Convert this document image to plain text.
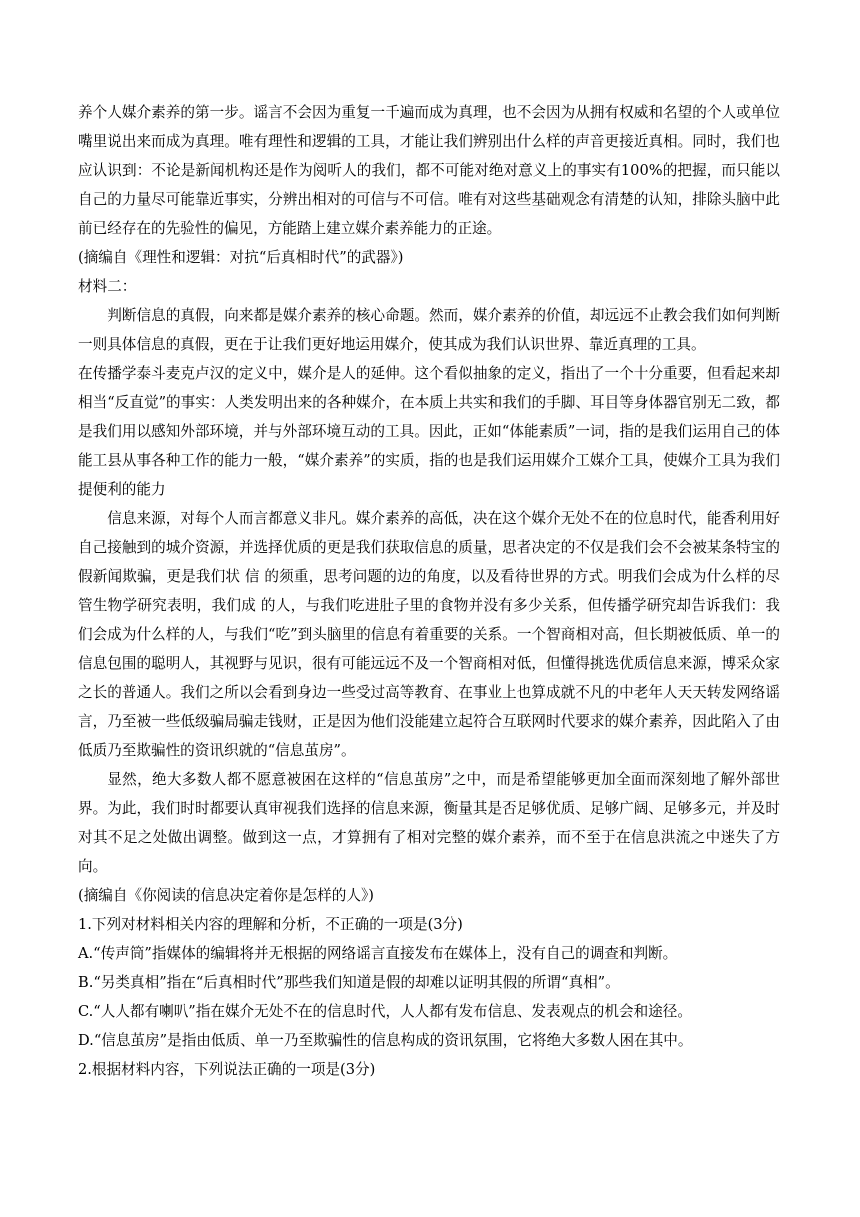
养个人媒介素养的第一步。谣言不会因为重复一千遍而成为真理，也不会因为从拥有权威和名望的个人或单位嘴里说出来而成为真理。唯有理性和逻辑的工具，才能让我们辨别出什么样的声音更接近真相。同时，我们也应认识到：不论是新闻机构还是作为阅听人的我们，都不可能对绝对意义上的事实有100%的把握，而只能以自己的力量尽可能靠近事实，分辨出相对的可信与不可信。唯有对这些基础观念有清楚的认知，排除头脑中此前已经存在的先验性的偏见，方能踏上建立媒介素养能力的正途。

(摘编自《理性和逻辑：对抗“后真相时代”的武器》)

材料二：

判断信息的真假，向来都是媒介素养的核心命题。然而，媒介素养的价值，却远远不止教会我们如何判断一则具体信息的真假，更在于让我们更好地运用媒介，使其成为我们认识世界、靠近真理的工具。

在传播学泰斗麦克卢汉的定义中，媒介是人的延伸。这个看似抽象的定义，指出了一个十分重要，但看起来却相当“反直觉”的事实：人类发明出来的各种媒介，在本质上共实和我们的手脚、耳目等身体器官别无二致，都是我们用以感知外部环境，并与外部环境互动的工具。因此，正如“体能素质”一词，指的是我们运用自己的体能工县从事各种工作的能力一般，“媒介素养”的实质，指的也是我们运用媒介工媒介工具，使媒介工具为我们提便利的能力

信息来源，对每个人而言都意义非凡。媒介素养的高低，决在这个媒介无处不在的位息时代，能香利用好自己接触到的城介资源，并选择优质的更是我们获取信息的质量，思者决定的不仅是我们会不会被某条特宝的假新闻欺骗，更是我们状 信 的须重，思考问题的边的角度，以及看待世界的方式。明我们会成为什么样的尽管生物学研究表明，我们成 的人，与我们吃进肚子里的食物并没有多少关系，但传播学研究却告诉我们：我们会成为什么样的人，与我们“吃”到头脑里的信息有着重要的关系。一个智商相对高，但长期被低质、单一的信息包围的聪明人，其视野与见识，很有可能远远不及一个智商相对低，但懂得挑选优质信息来源，博采众家之长的普通人。我们之所以会看到身边一些受过高等教育、在事业上也算成就不凡的中老年人天天转发网络谣言，乃至被一些低级骗局骗走钱财，正是因为他们没能建立起符合互联网时代要求的媒介素养，因此陷入了由低质乃至欺骗性的资讯织就的“信息茧房”。

显然，绝大多数人都不愿意被困在这样的“信息茧房”之中，而是希望能够更加全面而深刻地了解外部世界。为此，我们时时都要认真审视我们选择的信息来源，衡量其是否足够优质、足够广阔、足够多元，并及时对其不足之处做出调整。做到这一点，才算拥有了相对完整的媒介素养，而不至于在信息洪流之中迷失了方向。

(摘编自《你阅读的信息决定着你是怎样的人》)

1.下列对材料相关内容的理解和分析，不正确的一项是(3分)

A.“传声筒”指媒体的编辑将并无根据的网络谣言直接发布在媒体上，没有自己的调查和判断。

B.“另类真相”指在“后真相时代”那些我们知道是假的却难以证明其假的所谓“真相”。

C.“人人都有喇叭”指在媒介无处不在的信息时代，人人都有发布信息、发表观点的机会和途径。

D.“信息茧房”是指由低质、单一乃至欺骗性的信息构成的资讯氛围，它将绝大多数人困在其中。

2.根据材料内容，下列说法正确的一项是(3分)
